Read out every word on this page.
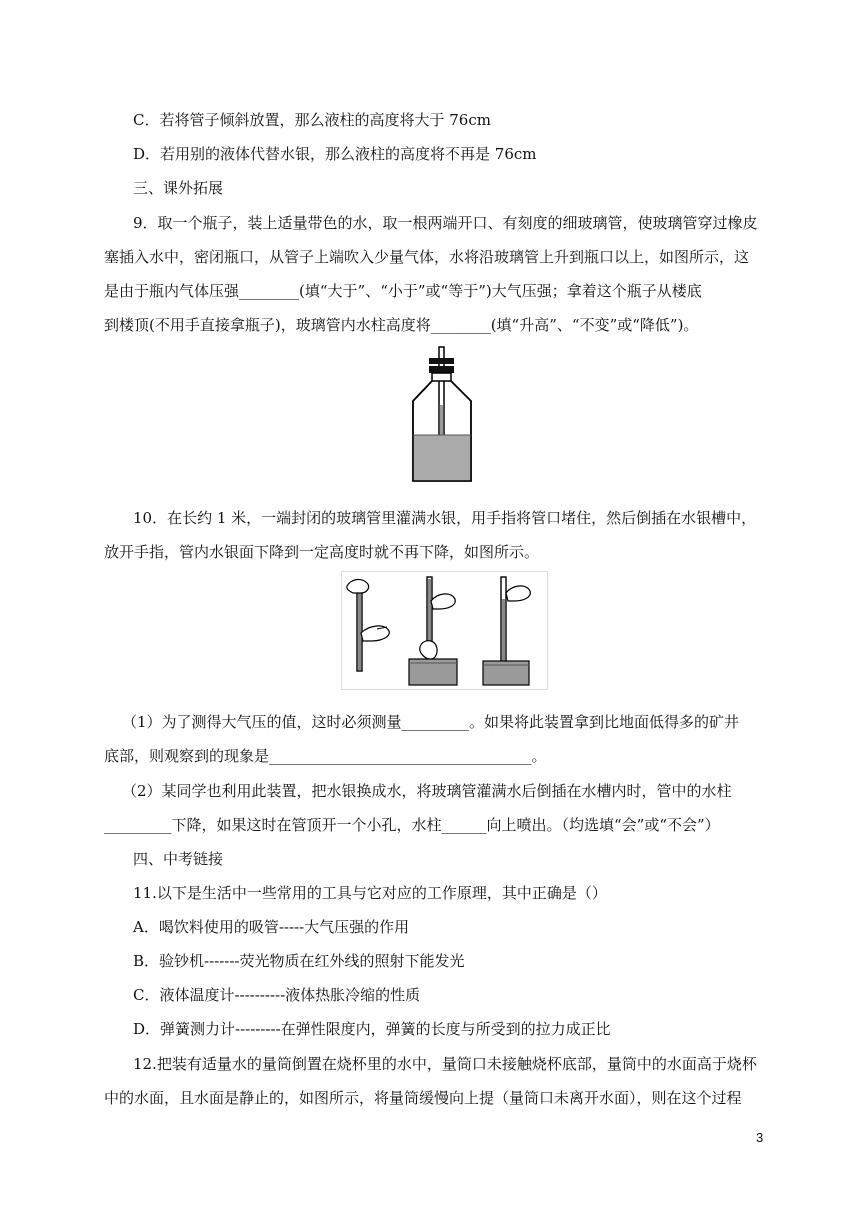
C．若将管子倾斜放置，那么液柱的高度将大于 76cm
D．若用别的液体代替水银，那么液柱的高度将不再是 76cm
三、课外拓展
9．取一个瓶子，装上适量带色的水，取一根两端开口、有刻度的细玻璃管，使玻璃管穿过橡皮
塞插入水中，密闭瓶口，从管子上端吹入少量气体，水将沿玻璃管上升到瓶口以上，如图所示，这
是由于瓶内气体压强________(填“大于”、“小于”或“等于”)大气压强；拿着这个瓶子从楼底
到楼顶(不用手直接拿瓶子)，玻璃管内水柱高度将________(填“升高”、“不变”或“降低”)。
10．在长约 1 米，一端封闭的玻璃管里灌满水银，用手指将管口堵住，然后倒插在水银槽中，
放开手指，管内水银面下降到一定高度时就不再下降，如图所示。
（1）为了测得大气压的值，这时必须测量_________。如果将此装置拿到比地面低得多的矿井
底部，则观察到的现象是___________________________________。
（2）某同学也利用此装置，把水银换成水，将玻璃管灌满水后倒插在水槽内时，管中的水柱
_________下降，如果这时在管顶开一个小孔，水柱______向上喷出。（均选填“会”或“不会”）
四、中考链接
11.以下是生活中一些常用的工具与它对应的工作原理，其中正确是（）
A．喝饮料使用的吸管-----大气压强的作用
B．验钞机-------荧光物质在红外线的照射下能发光
C．液体温度计----------液体热胀冷缩的性质
D．弹簧测力计---------在弹性限度内，弹簧的长度与所受到的拉力成正比
12.把装有适量水的量筒倒置在烧杯里的水中，量筒口未接触烧杯底部，量筒中的水面高于烧杯
中的水面，且水面是静止的，如图所示，将量筒缓慢向上提（量筒口未离开水面），则在这个过程
3
